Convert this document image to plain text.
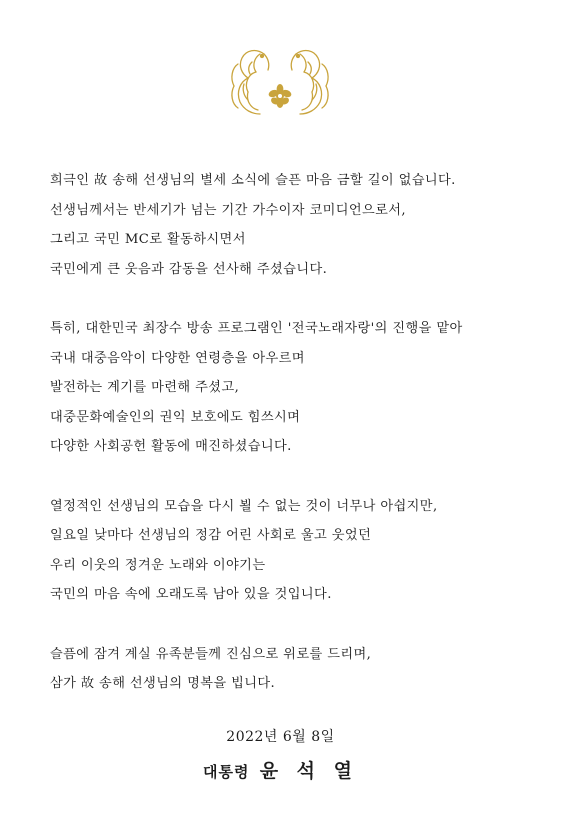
희극인 故 송해 선생님의 별세 소식에 슬픈 마음 금할 길이 없습니다.
선생님께서는 반세기가 넘는 기간 가수이자 코미디언으로서,
그리고 국민 MC로 활동하시면서
국민에게 큰 웃음과 감동을 선사해 주셨습니다.
특히, 대한민국 최장수 방송 프로그램인 '전국노래자랑'의 진행을 맡아
국내 대중음악이 다양한 연령층을 아우르며
발전하는 계기를 마련해 주셨고,
대중문화예술인의 권익 보호에도 힘쓰시며
다양한 사회공헌 활동에 매진하셨습니다.
열정적인 선생님의 모습을 다시 뵐 수 없는 것이 너무나 아쉽지만,
일요일 낮마다 선생님의 정감 어린 사회로 울고 웃었던
우리 이웃의 정겨운 노래와 이야기는
국민의 마음 속에 오래도록 남아 있을 것입니다.
슬픔에 잠겨 계실 유족분들께 진심으로 위로를 드리며,
삼가 故 송해 선생님의 명복을 빕니다.
2022년 6월 8일
대통령 윤 석 열
